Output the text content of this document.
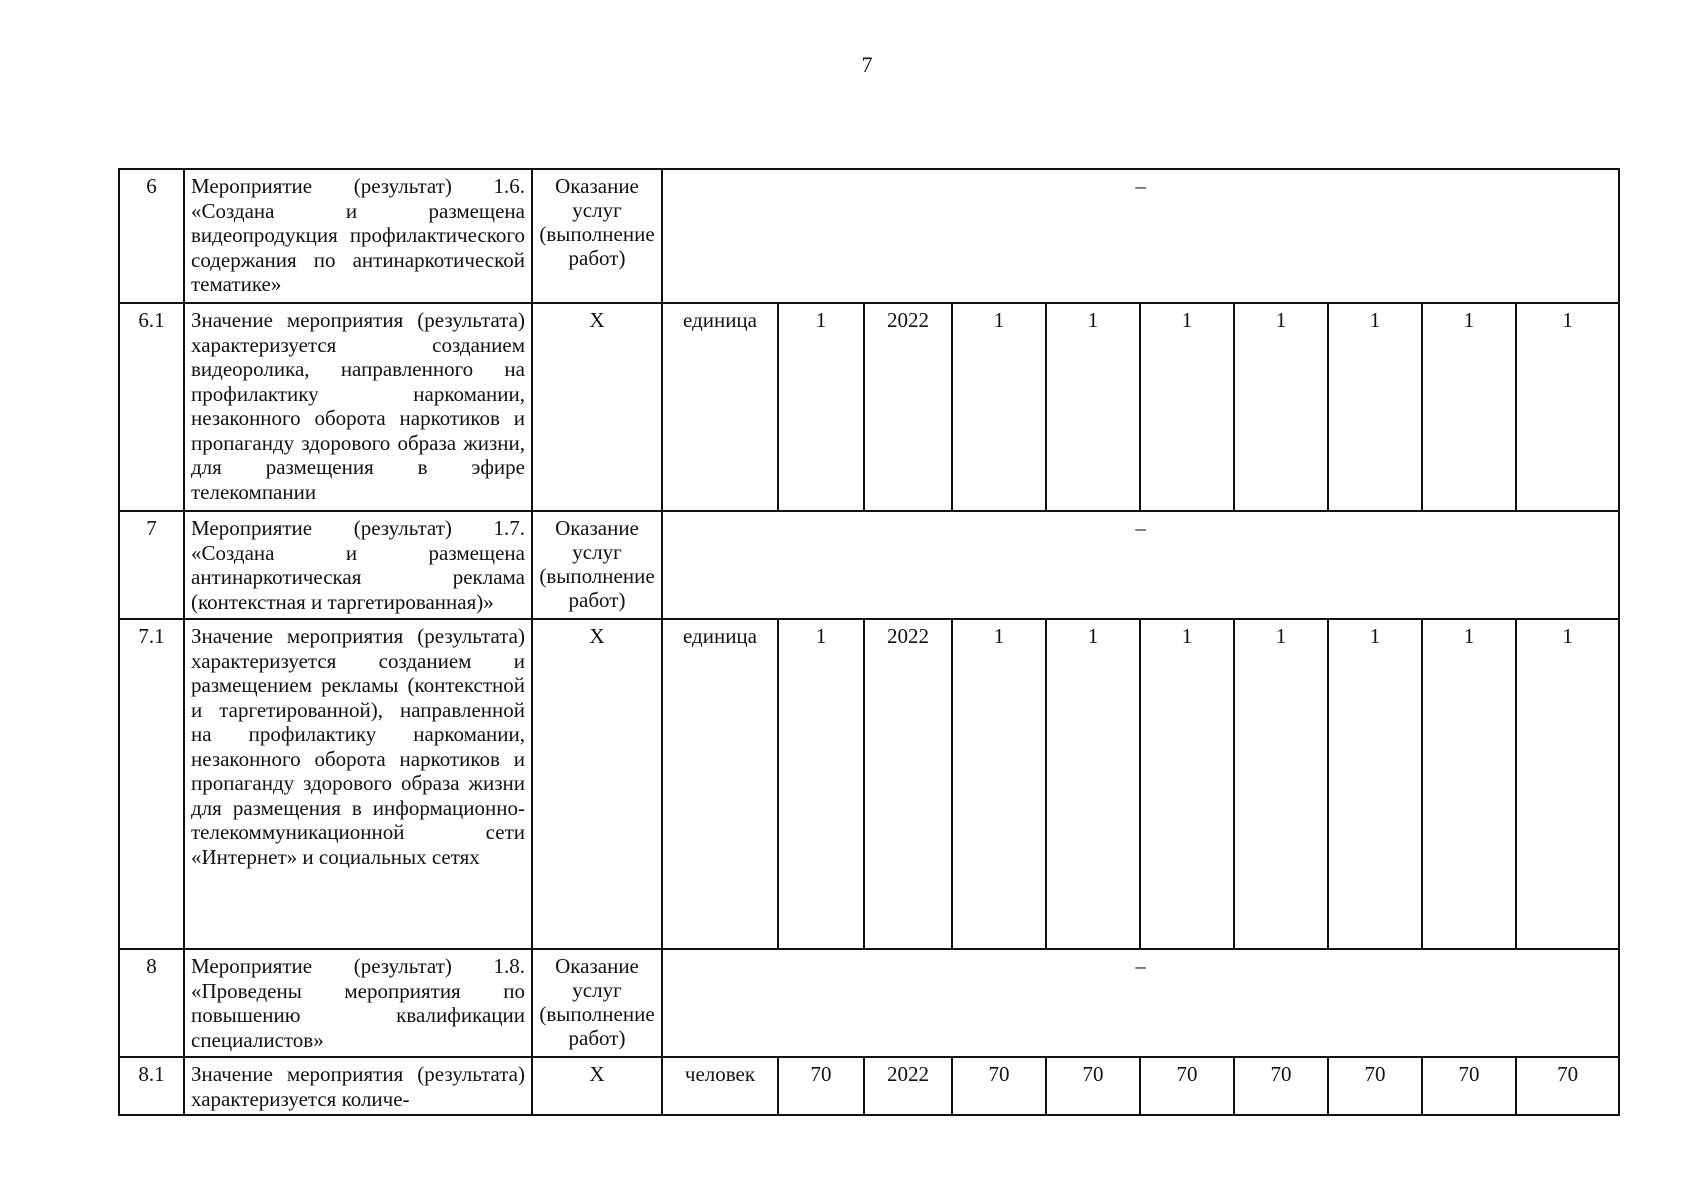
7
6	Мероприятие (результат) 1.6. «Создана и размещена видеопродукция профилактического содержания по антинаркотической тематике»	Оказание услуг (выполнение работ)	–									
6.1	Значение мероприятия (результата) характеризуется созданием видеоролика, направленного на профилактику наркомании, незаконного оборота наркотиков и пропаганду здорового образа жизни, для размещения в эфире телекомпании	Х	единица	1	2022	1	1	1	1	1	1	1
7	Мероприятие (результат) 1.7. «Создана и размещена антинаркотическая реклама (контекстная и таргетированная)»	Оказание услуг (выполнение работ)	–									
7.1	Значение мероприятия (результата) характеризуется созданием и размещением рекламы (контекстной и таргетированной), направленной на профилактику наркомании, незаконного оборота наркотиков и пропаганду здорового образа жизни для размещения в информационно-телекоммуникационной сети «Интернет» и социальных сетях	Х	единица	1	2022	1	1	1	1	1	1	1
8	Мероприятие (результат) 1.8. «Проведены мероприятия по повышению квалификации специалистов»	Оказание услуг (выполнение работ)	–									
8.1	Значение мероприятия (результата) характеризуется количе-	Х	человек	70	2022	70	70	70	70	70	70	70
